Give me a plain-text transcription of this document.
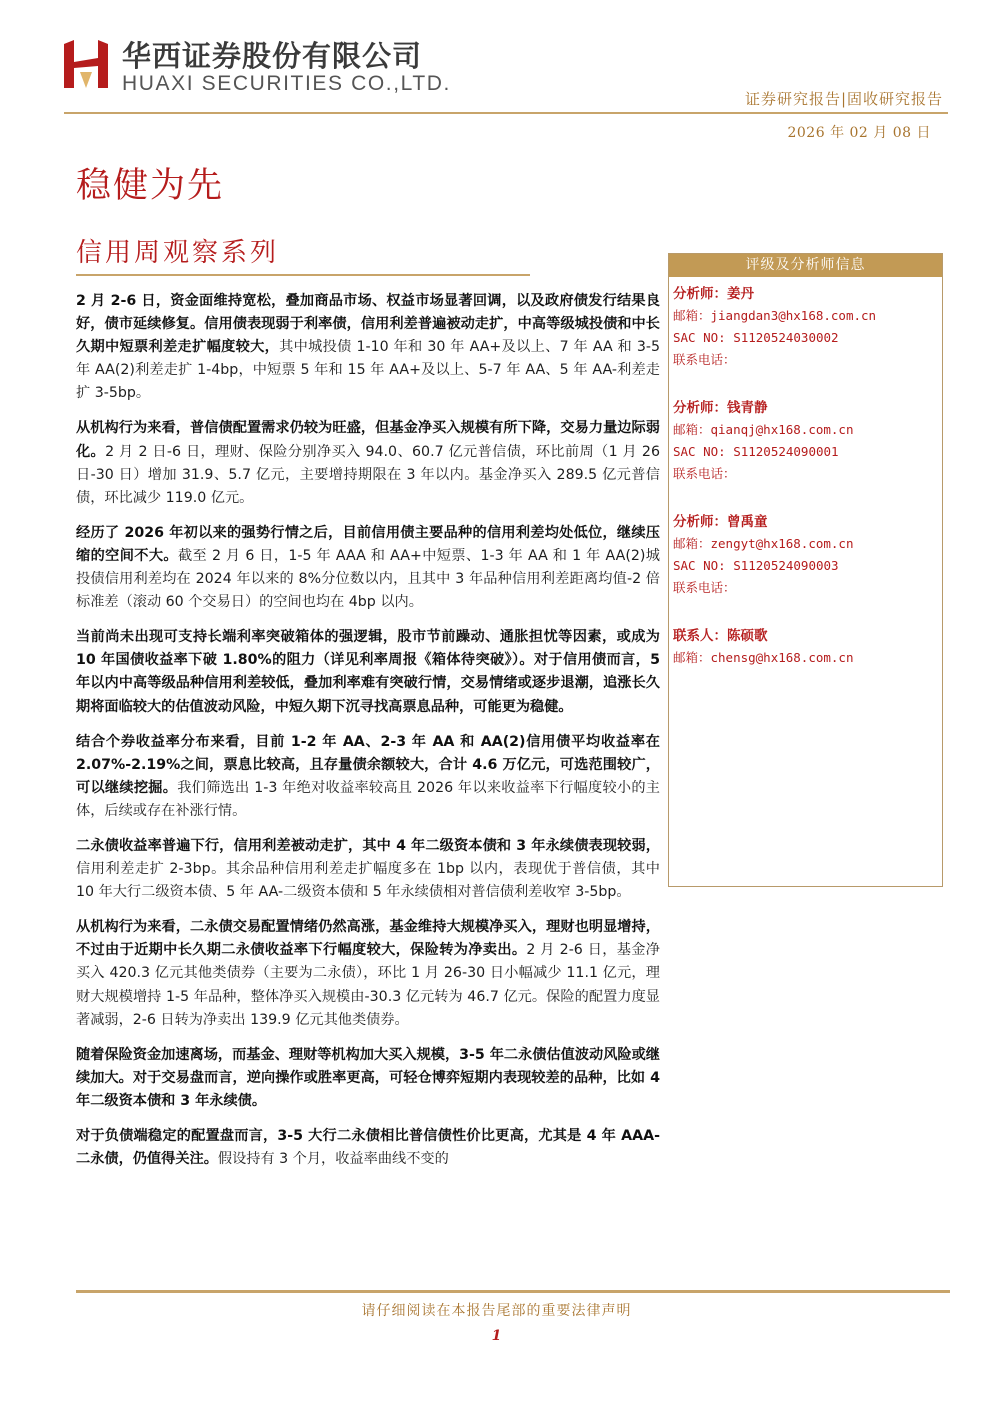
华西证券股份有限公司
HUAXI SECURITIES CO.,LTD.
证券研究报告|固收研究报告
2026 年 02 月 08 日
稳健为先
信用周观察系列

2 月 2-6 日，资金面维持宽松，叠加商品市场、权益市场显著回调，以及政府债发行结果良好，债市延续修复。信用债表现弱于利率债，信用利差普遍被动走扩，中高等级城投债和中长久期中短票利差走扩幅度较大，其中城投债 1-10 年和 30 年 AA+及以上、7 年 AA 和 3-5 年 AA(2)利差走扩 1-4bp，中短票 5 年和 15 年 AA+及以上、5-7 年 AA、5 年 AA-利差走扩 3-5bp。

从机构行为来看，普信债配置需求仍较为旺盛，但基金净买入规模有所下降，交易力量边际弱化。2 月 2 日-6 日，理财、保险分别净买入 94.0、60.7 亿元普信债，环比前周（1 月 26 日-30 日）增加 31.9、5.7 亿元，主要增持期限在 3 年以内。基金净买入 289.5 亿元普信债，环比减少 119.0 亿元。

经历了 2026 年初以来的强势行情之后，目前信用债主要品种的信用利差均处低位，继续压缩的空间不大。截至 2 月 6 日，1-5 年 AAA 和 AA+中短票、1-3 年 AA 和 1 年 AA(2)城投债信用利差均在 2024 年以来的 8%分位数以内，且其中 3 年品种信用利差距离均值-2 倍标准差（滚动 60 个交易日）的空间也均在 4bp 以内。

当前尚未出现可支持长端利率突破箱体的强逻辑，股市节前躁动、通胀担忧等因素，或成为 10 年国债收益率下破 1.80%的阻力（详见利率周报《箱体待突破》）。对于信用债而言，5 年以内中高等级品种信用利差较低，叠加利率难有突破行情，交易情绪或逐步退潮，追涨长久期将面临较大的估值波动风险，中短久期下沉寻找高票息品种，可能更为稳健。

结合个券收益率分布来看，目前 1-2 年 AA、2-3 年 AA 和 AA(2)信用债平均收益率在 2.07%-2.19%之间，票息比较高，且存量债余额较大，合计 4.6 万亿元，可选范围较广，可以继续挖掘。我们筛选出 1-3 年绝对收益率较高且 2026 年以来收益率下行幅度较小的主体，后续或存在补涨行情。

二永债收益率普遍下行，信用利差被动走扩，其中 4 年二级资本债和 3 年永续债表现较弱，信用利差走扩 2-3bp。其余品种信用利差走扩幅度多在 1bp 以内，表现优于普信债，其中 10 年大行二级资本债、5 年 AA-二级资本债和 5 年永续债相对普信债利差收窄 3-5bp。

从机构行为来看，二永债交易配置情绪仍然高涨，基金维持大规模净买入，理财也明显增持，不过由于近期中长久期二永债收益率下行幅度较大，保险转为净卖出。2 月 2-6 日，基金净买入 420.3 亿元其他类债券（主要为二永债），环比 1 月 26-30 日小幅减少 11.1 亿元，理财大规模增持 1-5 年品种，整体净买入规模由-30.3 亿元转为 46.7 亿元。保险的配置力度显著减弱，2-6 日转为净卖出 139.9 亿元其他类债券。

随着保险资金加速离场，而基金、理财等机构加大买入规模，3-5 年二永债估值波动风险或继续加大。对于交易盘而言，逆向操作或胜率更高，可轻仓博弈短期内表现较差的品种，比如 4 年二级资本债和 3 年永续债。

对于负债端稳定的配置盘而言，3-5 大行二永债相比普信债性价比更高，尤其是 4 年 AAA-二永债，仍值得关注。假设持有 3 个月，收益率曲线不变的

评级及分析师信息
分析师：姜丹
邮箱：jiangdan3@hx168.com.cn
SAC NO: S1120524030002
联系电话：
分析师：钱青静
邮箱：qianqj@hx168.com.cn
SAC NO: S1120524090001
联系电话：
分析师：曾禹童
邮箱：zengyt@hx168.com.cn
SAC NO: S1120524090003
联系电话：
联系人：陈硕歌
邮箱：chensg@hx168.com.cn
请仔细阅读在本报告尾部的重要法律声明
1
